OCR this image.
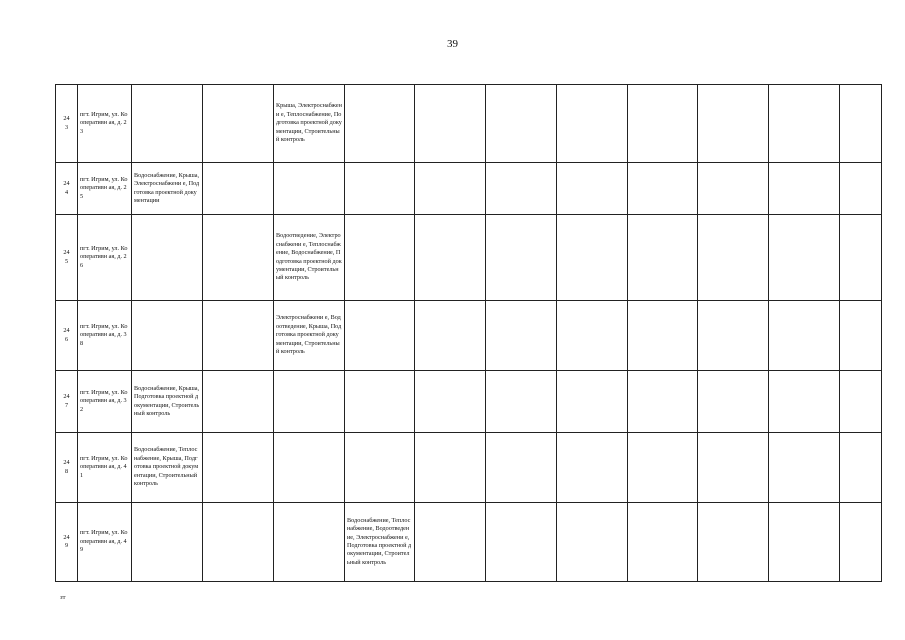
39
24
3	пгт. Игрим, ул. Кооперативн ая, д. 23			Крыша, Электроснабжени е, Теплоснабжение, Подготовка проектной документации, Строительный контроль								
24
4	пгт. Игрим, ул. Кооперативн ая, д. 25	Водоснабжение, Крыша, Электроснабжени е, Подготовка проектной документации										
24
5	пгт. Игрим, ул. Кооперативн ая, д. 26			Водоотведение, Электроснабжени е, Теплоснабжение, Водоснабжение, Подготовка проектной документации, Строительный контроль								
24
6	пгт. Игрим, ул. Кооперативн ая, д. 38			Электроснабжени е, Водоотведение, Крыша, Подготовка проектной документации, Строительный контроль								
24
7	пгт. Игрим, ул. Кооперативн ая, д. 32	Водоснабжение, Крыша, Подготовка проектной документации, Строительный контроль										
24
8	пгт. Игрим, ул. Кооперативн ая, д. 41	Водоснабжение, Теплоснабжение, Крыша, Подготовка проектной документации, Строительный контроль										
24
9	пгт. Игрим, ул. Кооперативн ая, д. 49				Водоснабжение, Теплоснабжение, Водоотведение, Электроснабжени е, Подготовка проектной документации, Строительный контроль							
зт
